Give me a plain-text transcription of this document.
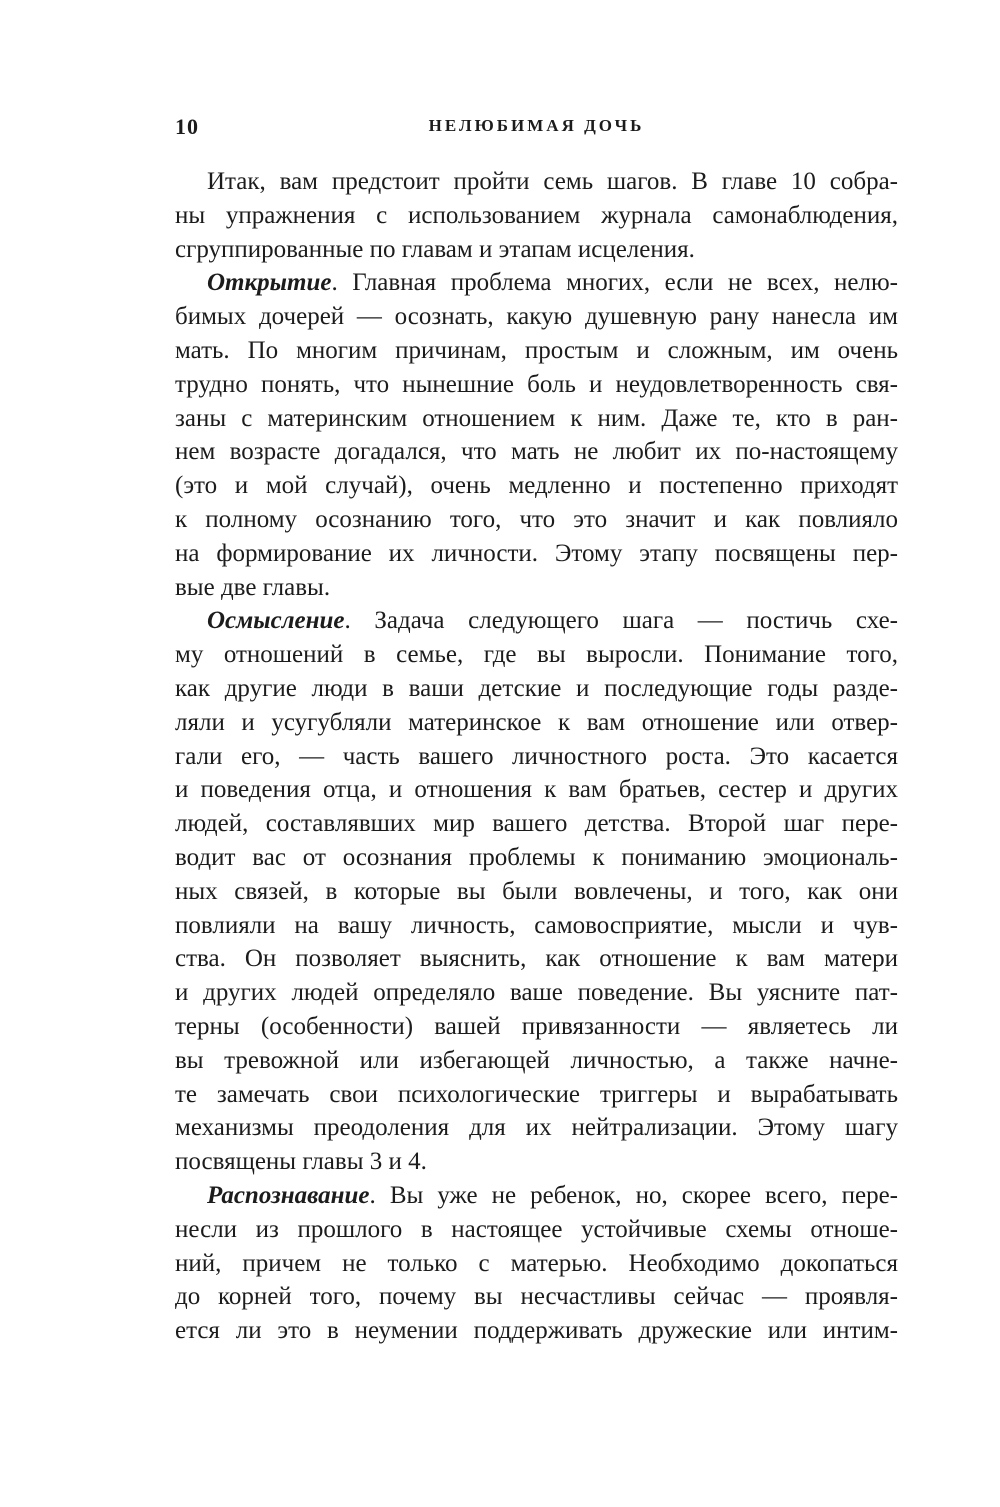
10	НЕЛЮБИМАЯ ДОЧЬ
Итак, вам предстоит пройти семь шагов. В главе 10 собра-
ны упражнения с использованием журнала самонаблюдения,
сгруппированные по главам и этапам исцеления.
Открытие. Главная проблема многих, если не всех, нелю-
бимых дочерей — осознать, какую душевную рану нанесла им
мать. По многим причинам, простым и сложным, им очень
трудно понять, что нынешние боль и неудовлетворенность свя-
заны с материнским отношением к ним. Даже те, кто в ран-
нем возрасте догадался, что мать не любит их по-настоящему
(это и мой случай), очень медленно и постепенно приходят
к полному осознанию того, что это значит и как повлияло
на формирование их личности. Этому этапу посвящены пер-
вые две главы.
Осмысление. Задача следующего шага — постичь схе-
му отношений в семье, где вы выросли. Понимание того,
как другие люди в ваши детские и последующие годы разде-
ляли и усугубляли материнское к вам отношение или отвер-
гали его, — часть вашего личностного роста. Это касается
и поведения отца, и отношения к вам братьев, сестер и других
людей, составлявших мир вашего детства. Второй шаг пере-
водит вас от осознания проблемы к пониманию эмоциональ-
ных связей, в которые вы были вовлечены, и того, как они
повлияли на вашу личность, самовосприятие, мысли и чув-
ства. Он позволяет выяснить, как отношение к вам матери
и других людей определяло ваше поведение. Вы уясните пат-
терны (особенности) вашей привязанности — являетесь ли
вы тревожной или избегающей личностью, а также начне-
те замечать свои психологические триггеры и вырабатывать
механизмы преодоления для их нейтрализации. Этому шагу
посвящены главы 3 и 4.
Распознавание. Вы уже не ребенок, но, скорее всего, пере-
несли из прошлого в настоящее устойчивые схемы отноше-
ний, причем не только с матерью. Необходимо докопаться
до корней того, почему вы несчастливы сейчас — проявля-
ется ли это в неумении поддерживать дружеские или интим-
